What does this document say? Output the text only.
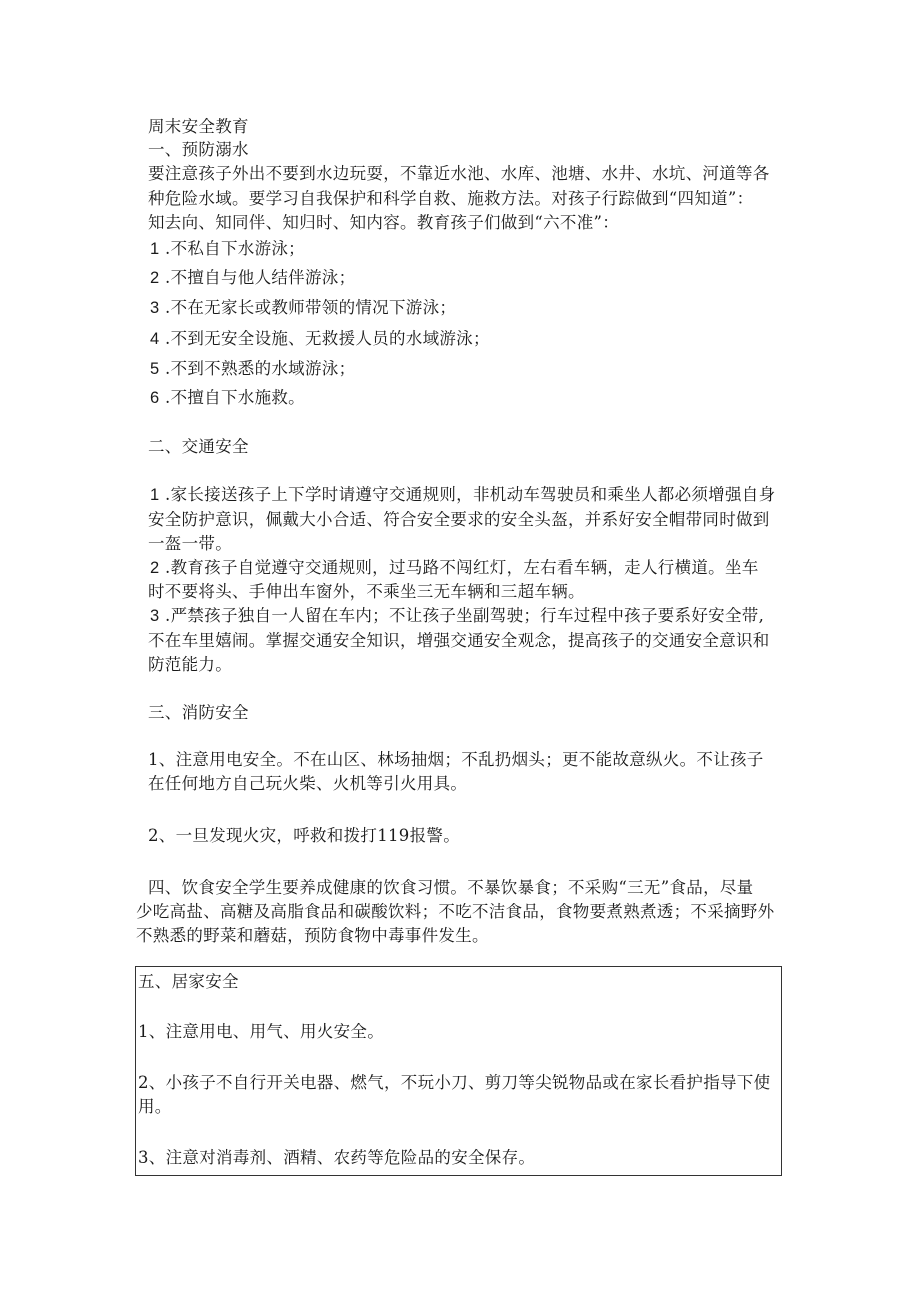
周末安全教育
一、预防溺水
要注意孩子外出不要到水边玩耍，不靠近水池、水库、池塘、水井、水坑、河道等各
种危险水域。要学习自我保护和科学自救、施救方法。对孩子行踪做到“四知道”：
知去向、知同伴、知归时、知内容。教育孩子们做到“六不准”：
1 .不私自下水游泳；
2 .不擅自与他人结伴游泳；
3 .不在无家长或教师带领的情况下游泳；
4 .不到无安全设施、无救援人员的水域游泳；
5 .不到不熟悉的水域游泳；
6 .不擅自下水施救。
二、交通安全
1 .家长接送孩子上下学时请遵守交通规则，非机动车驾驶员和乘坐人都必须增强自身
安全防护意识，佩戴大小合适、符合安全要求的安全头盔，并系好安全帽带同时做到
一盔一带。
2 .教育孩子自觉遵守交通规则，过马路不闯红灯，左右看车辆，走人行横道。坐车
时不要将头、手伸出车窗外，不乘坐三无车辆和三超车辆。
3 .严禁孩子独自一人留在车内；不让孩子坐副驾驶；行车过程中孩子要系好安全带,
不在车里嬉闹。掌握交通安全知识，增强交通安全观念，提高孩子的交通安全意识和
防范能力。
三、消防安全
1、注意用电安全。不在山区、林场抽烟；不乱扔烟头；更不能故意纵火。不让孩子
在任何地方自己玩火柴、火机等引火用具。
2、一旦发现火灾，呼救和拨打119报警。
四、饮食安全学生要养成健康的饮食习惯。不暴饮暴食；不采购“三无”食品，尽量
少吃高盐、高糖及高脂食品和碳酸饮料；不吃不洁食品，食物要煮熟煮透；不采摘野外
不熟悉的野菜和蘑菇，预防食物中毒事件发生。
五、居家安全
1、注意用电、用气、用火安全。
2、小孩子不自行开关电器、燃气，不玩小刀、剪刀等尖锐物品或在家长看护指导下使
用。
3、注意对消毒剂、酒精、农药等危险品的安全保存。
